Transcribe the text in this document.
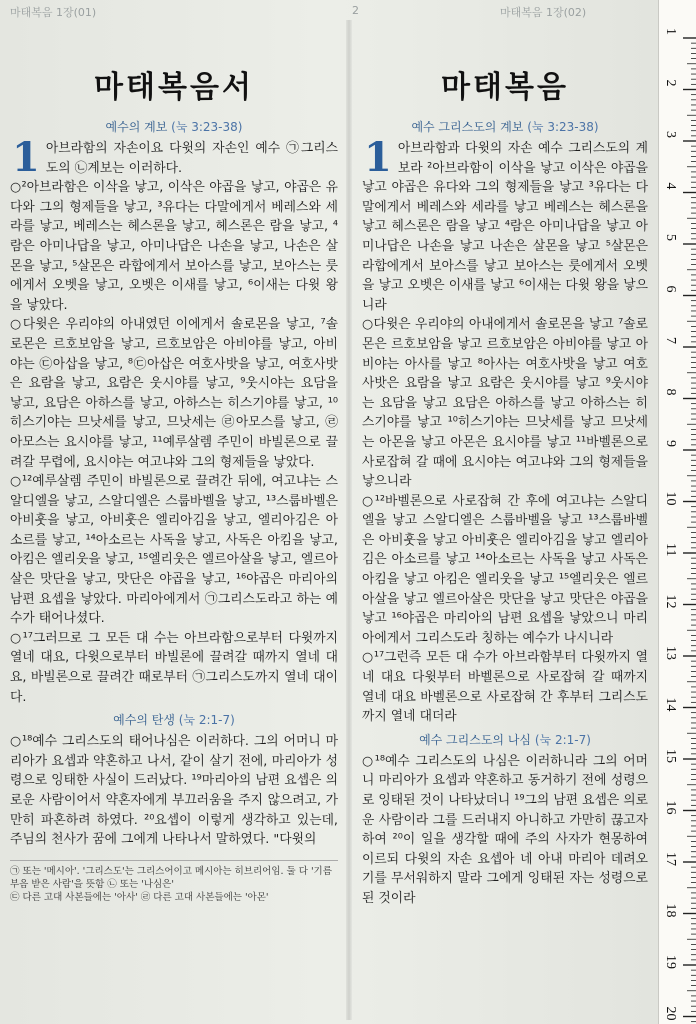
마태복음 1장(01)	2	마태복음 1장(02)
마태복음서
예수의 계보 (눅 3:23-38)
1 아브라함의 자손이요 다윗의 자손인 예수 ㉠그리스도의 ㉡계보는 이러하다.

○²아브라함은 이삭을 낳고, 이삭은 야곱을 낳고, 야곱은 유다와 그의 형제들을 낳고, ³유다는 다말에게서 베레스와 세라를 낳고, 베레스는 헤스론을 낳고, 헤스론은 람을 낳고, ⁴람은 아미나답을 낳고, 아미나답은 나손을 낳고, 나손은 살몬을 낳고, ⁵살몬은 라합에게서 보아스를 낳고, 보아스는 룻에게서 오벳을 낳고, 오벳은 이새를 낳고, ⁶이새는 다윗 왕을 낳았다.

○다윗은 우리야의 아내였던 이에게서 솔로몬을 낳고, ⁷솔로몬은 르호보암을 낳고, 르호보암은 아비야를 낳고, 아비야는 ㉢아삽을 낳고, ⁸㉢아삽은 여호사밧을 낳고, 여호사밧은 요람을 낳고, 요람은 웃시야를 낳고, ⁹웃시야는 요담을 낳고, 요담은 아하스를 낳고, 아하스는 히스기야를 낳고, ¹⁰히스기야는 므낫세를 낳고, 므낫세는 ㉣아모스를 낳고, ㉣아모스는 요시야를 낳고, ¹¹예루살렘 주민이 바빌론으로 끌려갈 무렵에, 요시야는 여고냐와 그의 형제들을 낳았다.

○¹²예루살렘 주민이 바빌론으로 끌려간 뒤에, 여고냐는 스알디엘을 낳고, 스알디엘은 스룹바벨을 낳고, ¹³스룹바벨은 아비훗을 낳고, 아비훗은 엘리아김을 낳고, 엘리아김은 아소르를 낳고, ¹⁴아소르는 사독을 낳고, 사독은 아킴을 낳고, 아킴은 엘리웃을 낳고, ¹⁵엘리웃은 엘르아살을 낳고, 엘르아살은 맛단을 낳고, 맛단은 야곱을 낳고, ¹⁶야곱은 마리아의 남편 요셉을 낳았다. 마리아에게서 ㉠그리스도라고 하는 예수가 태어나셨다.

○¹⁷그러므로 그 모든 대 수는 아브라함으로부터 다윗까지 열네 대요, 다윗으로부터 바빌론에 끌려갈 때까지 열네 대요, 바빌론으로 끌려간 때로부터 ㉠그리스도까지 열네 대이다.

예수의 탄생 (눅 2:1-7)

○¹⁸예수 그리스도의 태어나심은 이러하다. 그의 어머니 마리아가 요셉과 약혼하고 나서, 같이 살기 전에, 마리아가 성령으로 잉태한 사실이 드러났다. ¹⁹마리아의 남편 요셉은 의로운 사람이어서 약혼자에게 부끄러움을 주지 않으려고, 가만히 파혼하려 하였다. ²⁰요셉이 이렇게 생각하고 있는데, 주님의 천사가 꿈에 그에게 나타나서 말하였다. "다윗의

㉠ 또는 '메시아'. '그리스도'는 그리스어이고 메시아는 히브리어임. 둘 다 '기름부음 받은 사람'을 뜻함 ㉡ 또는 '나심은'
㉢ 다른 고대 사본들에는 '아사' ㉣ 다른 고대 사본들에는 '아몬'
마태복음
예수 그리스도의 계보 (눅 3:23-38)
1 아브라함과 다윗의 자손 예수 그리스도의 계보라 ²아브라함이 이삭을 낳고 이삭은 야곱을 낳고 야곱은 유다와 그의 형제들을 낳고 ³유다는 다말에게서 베레스와 세라를 낳고 베레스는 헤스론을 낳고 헤스론은 람을 낳고 ⁴람은 아미나답을 낳고 아미나답은 나손을 낳고 나손은 살몬을 낳고 ⁵살몬은 라합에게서 보아스를 낳고 보아스는 룻에게서 오벳을 낳고 오벳은 이새를 낳고 ⁶이새는 다윗 왕을 낳으니라

○다윗은 우리야의 아내에게서 솔로몬을 낳고 ⁷솔로몬은 르호보암을 낳고 르호보암은 아비야를 낳고 아비야는 아사를 낳고 ⁸아사는 여호사밧을 낳고 여호사밧은 요람을 낳고 요람은 웃시야를 낳고 ⁹웃시야는 요담을 낳고 요담은 아하스를 낳고 아하스는 히스기야를 낳고 ¹⁰히스기야는 므낫세를 낳고 므낫세는 아몬을 낳고 아몬은 요시야를 낳고 ¹¹바벨론으로 사로잡혀 갈 때에 요시야는 여고냐와 그의 형제들을 낳으니라

○¹²바벨론으로 사로잡혀 간 후에 여고냐는 스알디엘을 낳고 스알디엘은 스룹바벨을 낳고 ¹³스룹바벨은 아비훗을 낳고 아비훗은 엘리아김을 낳고 엘리아김은 아소르를 낳고 ¹⁴아소르는 사독을 낳고 사독은 아킴을 낳고 아킴은 엘리웃을 낳고 ¹⁵엘리웃은 엘르아살을 낳고 엘르아살은 맛단을 낳고 맛단은 야곱을 낳고 ¹⁶야곱은 마리아의 남편 요셉을 낳았으니 마리아에게서 그리스도라 칭하는 예수가 나시니라

○¹⁷그런즉 모든 대 수가 아브라함부터 다윗까지 열네 대요 다윗부터 바벨론으로 사로잡혀 갈 때까지 열네 대요 바벨론으로 사로잡혀 간 후부터 그리스도까지 열네 대더라

예수 그리스도의 나심 (눅 2:1-7)

○¹⁸예수 그리스도의 나심은 이러하니라 그의 어머니 마리아가 요셉과 약혼하고 동거하기 전에 성령으로 잉태된 것이 나타났더니 ¹⁹그의 남편 요셉은 의로운 사람이라 그를 드러내지 아니하고 가만히 끊고자 하여 ²⁰이 일을 생각할 때에 주의 사자가 현몽하여 이르되 다윗의 자손 요셉아 네 아내 마리아 데려오기를 무서워하지 말라 그에게 잉태된 자는 성령으로 된 것이라

1
2
3
4
5
6
7
8
9
10
11
12
13
14
15
16
17
18
19
20
